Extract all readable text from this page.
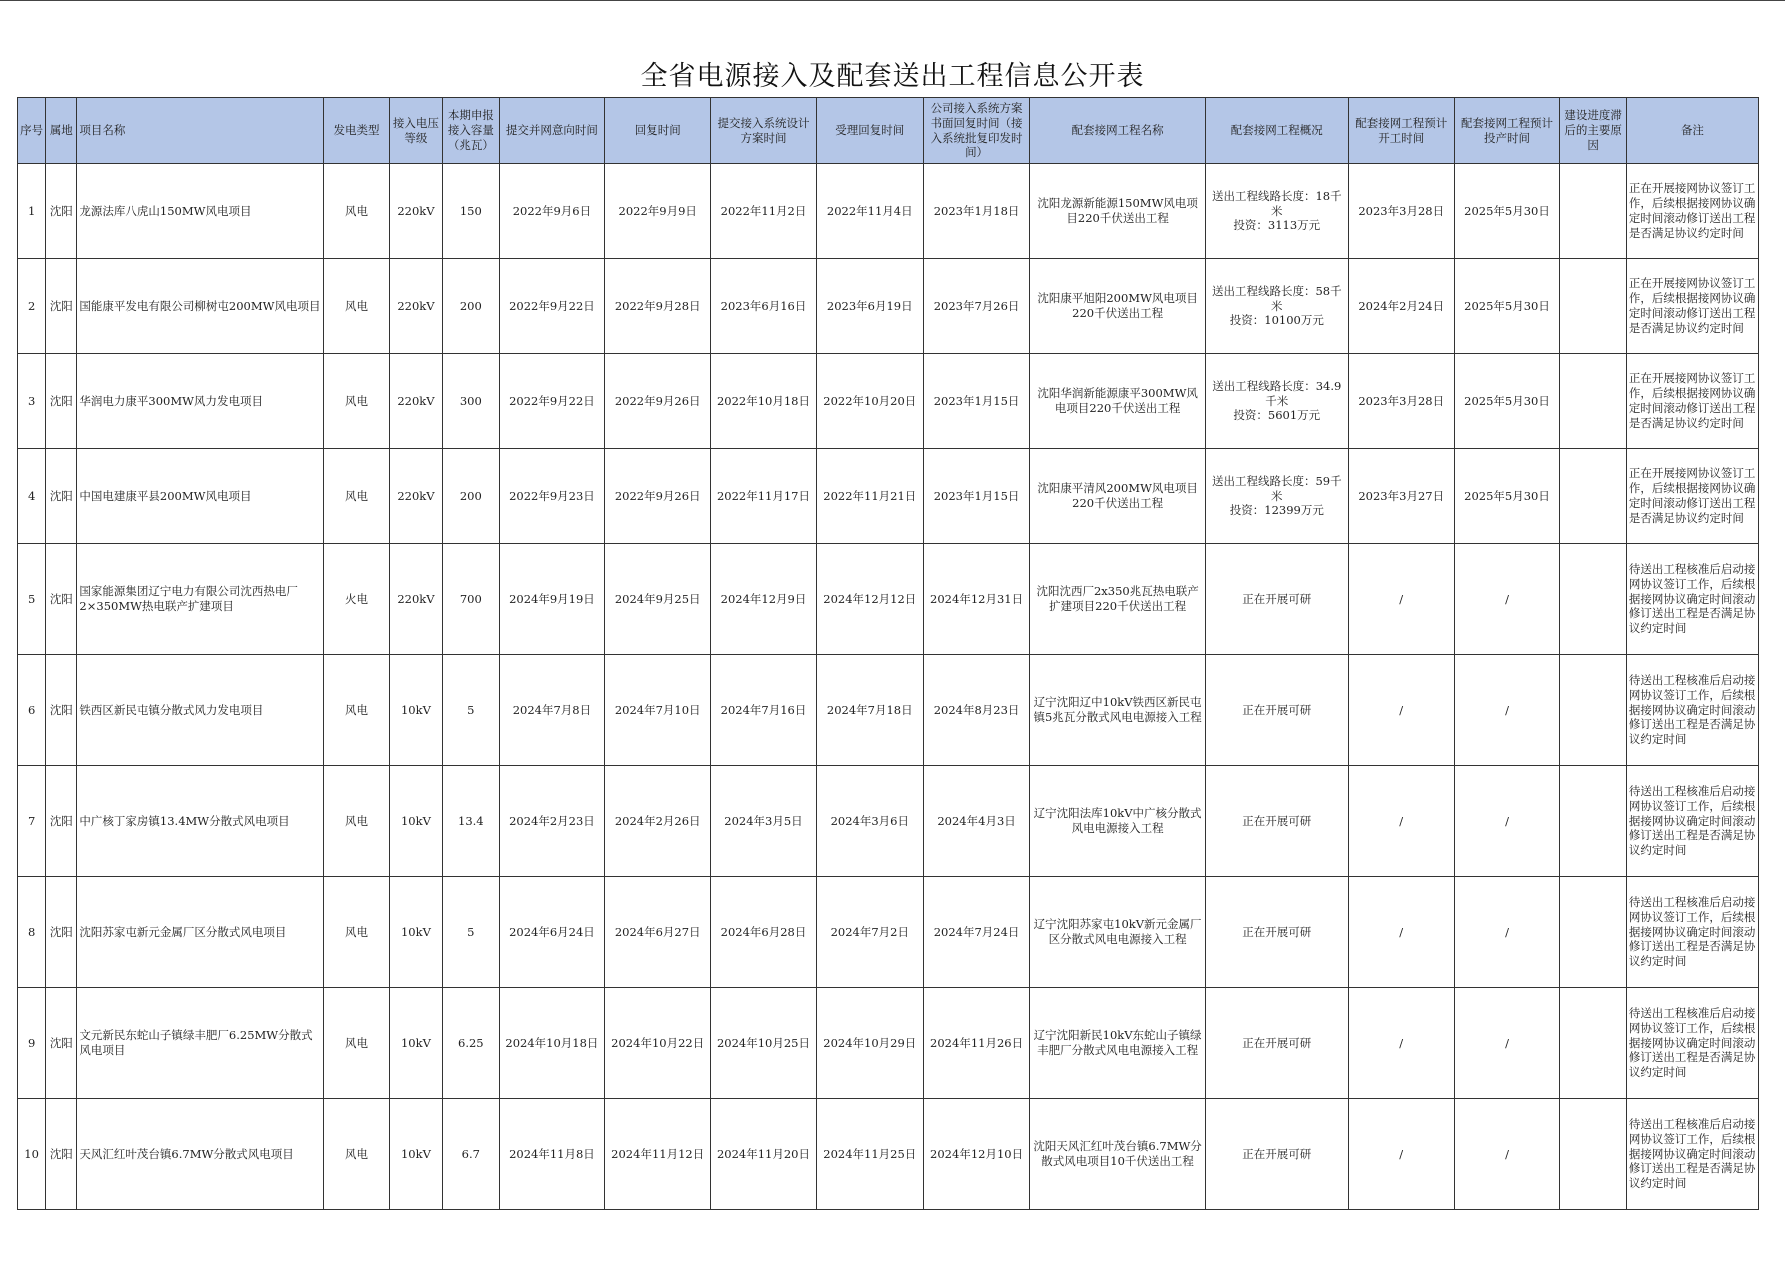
全省电源接入及配套送出工程信息公开表
序号	属地	项目名称	发电类型	接入电压等级	本期申报接入容量（兆瓦）	提交并网意向时间	回复时间	提交接入系统设计方案时间	受理回复时间	公司接入系统方案书面回复时间（接入系统批复印发时间）	配套接网工程名称	配套接网工程概况	配套接网工程预计开工时间	配套接网工程预计投产时间	建设进度滞后的主要原因	备注
1	沈阳	龙源法库八虎山150MW风电项目	风电	220kV	150	2022年9月6日	2022年9月9日	2022年11月2日	2022年11月4日	2023年1月18日	沈阳龙源新能源150MW风电项目220千伏送出工程	送出工程线路长度：18千米
投资：3113万元	2023年3月28日	2025年5月30日		正在开展接网协议签订工作，后续根据接网协议确定时间滚动修订送出工程是否满足协议约定时间
2	沈阳	国能康平发电有限公司柳树屯200MW风电项目	风电	220kV	200	2022年9月22日	2022年9月28日	2023年6月16日	2023年6月19日	2023年7月26日	沈阳康平旭阳200MW风电项目220千伏送出工程	送出工程线路长度：58千米
投资：10100万元	2024年2月24日	2025年5月30日		正在开展接网协议签订工作，后续根据接网协议确定时间滚动修订送出工程是否满足协议约定时间
3	沈阳	华润电力康平300MW风力发电项目	风电	220kV	300	2022年9月22日	2022年9月26日	2022年10月18日	2022年10月20日	2023年1月15日	沈阳华润新能源康平300MW风电项目220千伏送出工程	送出工程线路长度：34.9千米
投资：5601万元	2023年3月28日	2025年5月30日		正在开展接网协议签订工作，后续根据接网协议确定时间滚动修订送出工程是否满足协议约定时间
4	沈阳	中国电建康平县200MW风电项目	风电	220kV	200	2022年9月23日	2022年9月26日	2022年11月17日	2022年11月21日	2023年1月15日	沈阳康平清风200MW风电项目220千伏送出工程	送出工程线路长度：59千米
投资：12399万元	2023年3月27日	2025年5月30日		正在开展接网协议签订工作，后续根据接网协议确定时间滚动修订送出工程是否满足协议约定时间
5	沈阳	国家能源集团辽宁电力有限公司沈西热电厂2×350MW热电联产扩建项目	火电	220kV	700	2024年9月19日	2024年9月25日	2024年12月9日	2024年12月12日	2024年12月31日	沈阳沈西厂2x350兆瓦热电联产扩建项目220千伏送出工程	正在开展可研	/	/		待送出工程核准后启动接网协议签订工作，后续根据接网协议确定时间滚动修订送出工程是否满足协议约定时间
6	沈阳	铁西区新民屯镇分散式风力发电项目	风电	10kV	5	2024年7月8日	2024年7月10日	2024年7月16日	2024年7月18日	2024年8月23日	辽宁沈阳辽中10kV铁西区新民屯镇5兆瓦分散式风电电源接入工程	正在开展可研	/	/		待送出工程核准后启动接网协议签订工作，后续根据接网协议确定时间滚动修订送出工程是否满足协议约定时间
7	沈阳	中广核丁家房镇13.4MW分散式风电项目	风电	10kV	13.4	2024年2月23日	2024年2月26日	2024年3月5日	2024年3月6日	2024年4月3日	辽宁沈阳法库10kV中广核分散式风电电源接入工程	正在开展可研	/	/		待送出工程核准后启动接网协议签订工作，后续根据接网协议确定时间滚动修订送出工程是否满足协议约定时间
8	沈阳	沈阳苏家屯新元金属厂区分散式风电项目	风电	10kV	5	2024年6月24日	2024年6月27日	2024年6月28日	2024年7月2日	2024年7月24日	辽宁沈阳苏家屯10kV新元金属厂区分散式风电电源接入工程	正在开展可研	/	/		待送出工程核准后启动接网协议签订工作，后续根据接网协议确定时间滚动修订送出工程是否满足协议约定时间
9	沈阳	文元新民东蛇山子镇绿丰肥厂6.25MW分散式风电项目	风电	10kV	6.25	2024年10月18日	2024年10月22日	2024年10月25日	2024年10月29日	2024年11月26日	辽宁沈阳新民10kV东蛇山子镇绿丰肥厂分散式风电电源接入工程	正在开展可研	/	/		待送出工程核准后启动接网协议签订工作，后续根据接网协议确定时间滚动修订送出工程是否满足协议约定时间
10	沈阳	天风汇红叶茂台镇6.7MW分散式风电项目	风电	10kV	6.7	2024年11月8日	2024年11月12日	2024年11月20日	2024年11月25日	2024年12月10日	沈阳天风汇红叶茂台镇6.7MW分散式风电项目10千伏送出工程	正在开展可研	/	/		待送出工程核准后启动接网协议签订工作，后续根据接网协议确定时间滚动修订送出工程是否满足协议约定时间
